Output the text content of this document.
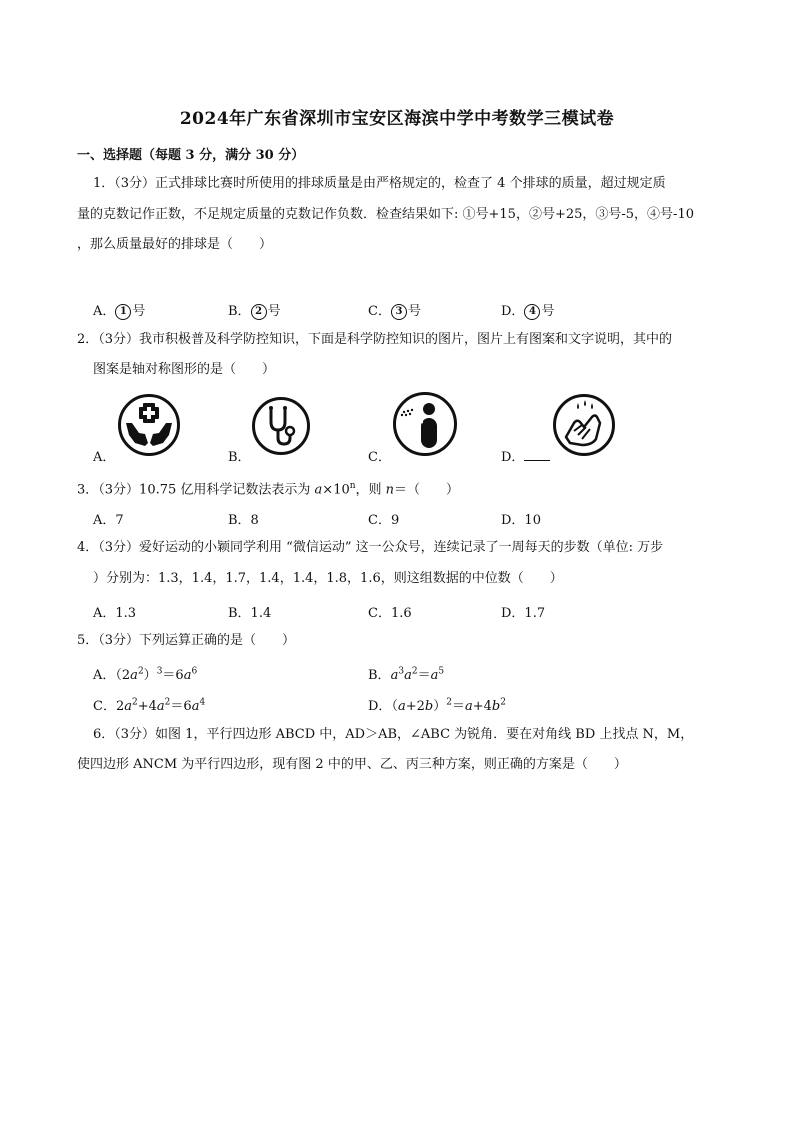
2024年广东省深圳市宝安区海滨中学中考数学三模试卷
一、选择题（每题 3 分，满分 30 分）
1．（3分）正式排球比赛时所使用的排球质量是由严格规定的，检查了 4 个排球的质量，超过规定质
量的克数记作正数，不足规定质量的克数记作负数．检查结果如下: ①号+15，②号+25，③号-5，④号-10
，那么质量最好的排球是（　　）
A． 1 号	B． 2 号	C． 3 号	D． 4 号
2．（3分）我市积极普及科学防控知识，下面是科学防控知识的图片，图片上有图案和文字说明，其中的
图案是轴对称图形的是（　　）
A．	B．	C．	D．
3．（3分）10.75 亿用科学记数法表示为 $a\times 10^n$，则 n＝（　　）
A．7	B．8	C．9	D．10
4．（3分）爱好运动的小颖同学利用 “微信运动” 这一公众号，连续记录了一周每天的步数（单位: 万步
）分别为：1.3，1.4，1.7，1.4，1.4，1.8，1.6，则这组数据的中位数（　　）
A．1.3	B．1.4	C．1.6	D．1.7
5．（3分）下列运算正确的是（　　）
A．$(2a^2)^3=6a^6$	B．$a^3a^2=a^5$
C．$2a^2+4a^2=6a^4$	D．$(a+2b)^2=a+4b^2$
6．（3分）如图 1，平行四边形 ABCD 中，AD＞AB，∠ABC 为锐角．要在对角线 BD 上找点 N，M，
使四边形 ANCM 为平行四边形，现有图 2 中的甲、乙、丙三种方案，则正确的方案是（　　）
